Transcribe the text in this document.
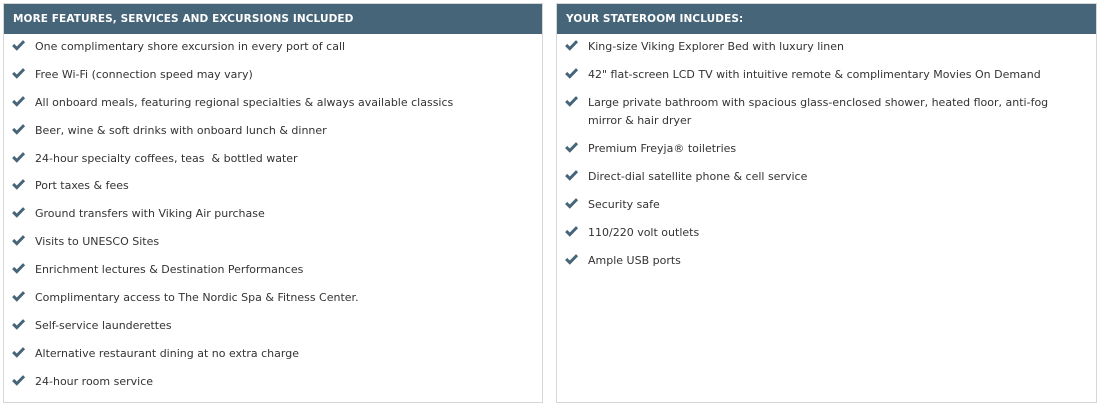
MORE FEATURES, SERVICES AND EXCURSIONS INCLUDED
One complimentary shore excursion in every port of call
Free Wi-Fi (connection speed may vary)
All onboard meals, featuring regional specialties & always available classics
Beer, wine & soft drinks with onboard lunch & dinner
24-hour specialty coffees, teas  & bottled water
Port taxes & fees
Ground transfers with Viking Air purchase
Visits to UNESCO Sites
Enrichment lectures & Destination Performances
Complimentary access to The Nordic Spa & Fitness Center.
Self-service launderettes
Alternative restaurant dining at no extra charge
24-hour room service
YOUR STATEROOM INCLUDES:
King-size Viking Explorer Bed with luxury linen
42" flat-screen LCD TV with intuitive remote & complimentary Movies On Demand
Large private bathroom with spacious glass-enclosed shower, heated floor, anti-fog mirror & hair dryer
Premium Freyja® toiletries
Direct-dial satellite phone & cell service
Security safe
110/220 volt outlets
Ample USB ports
